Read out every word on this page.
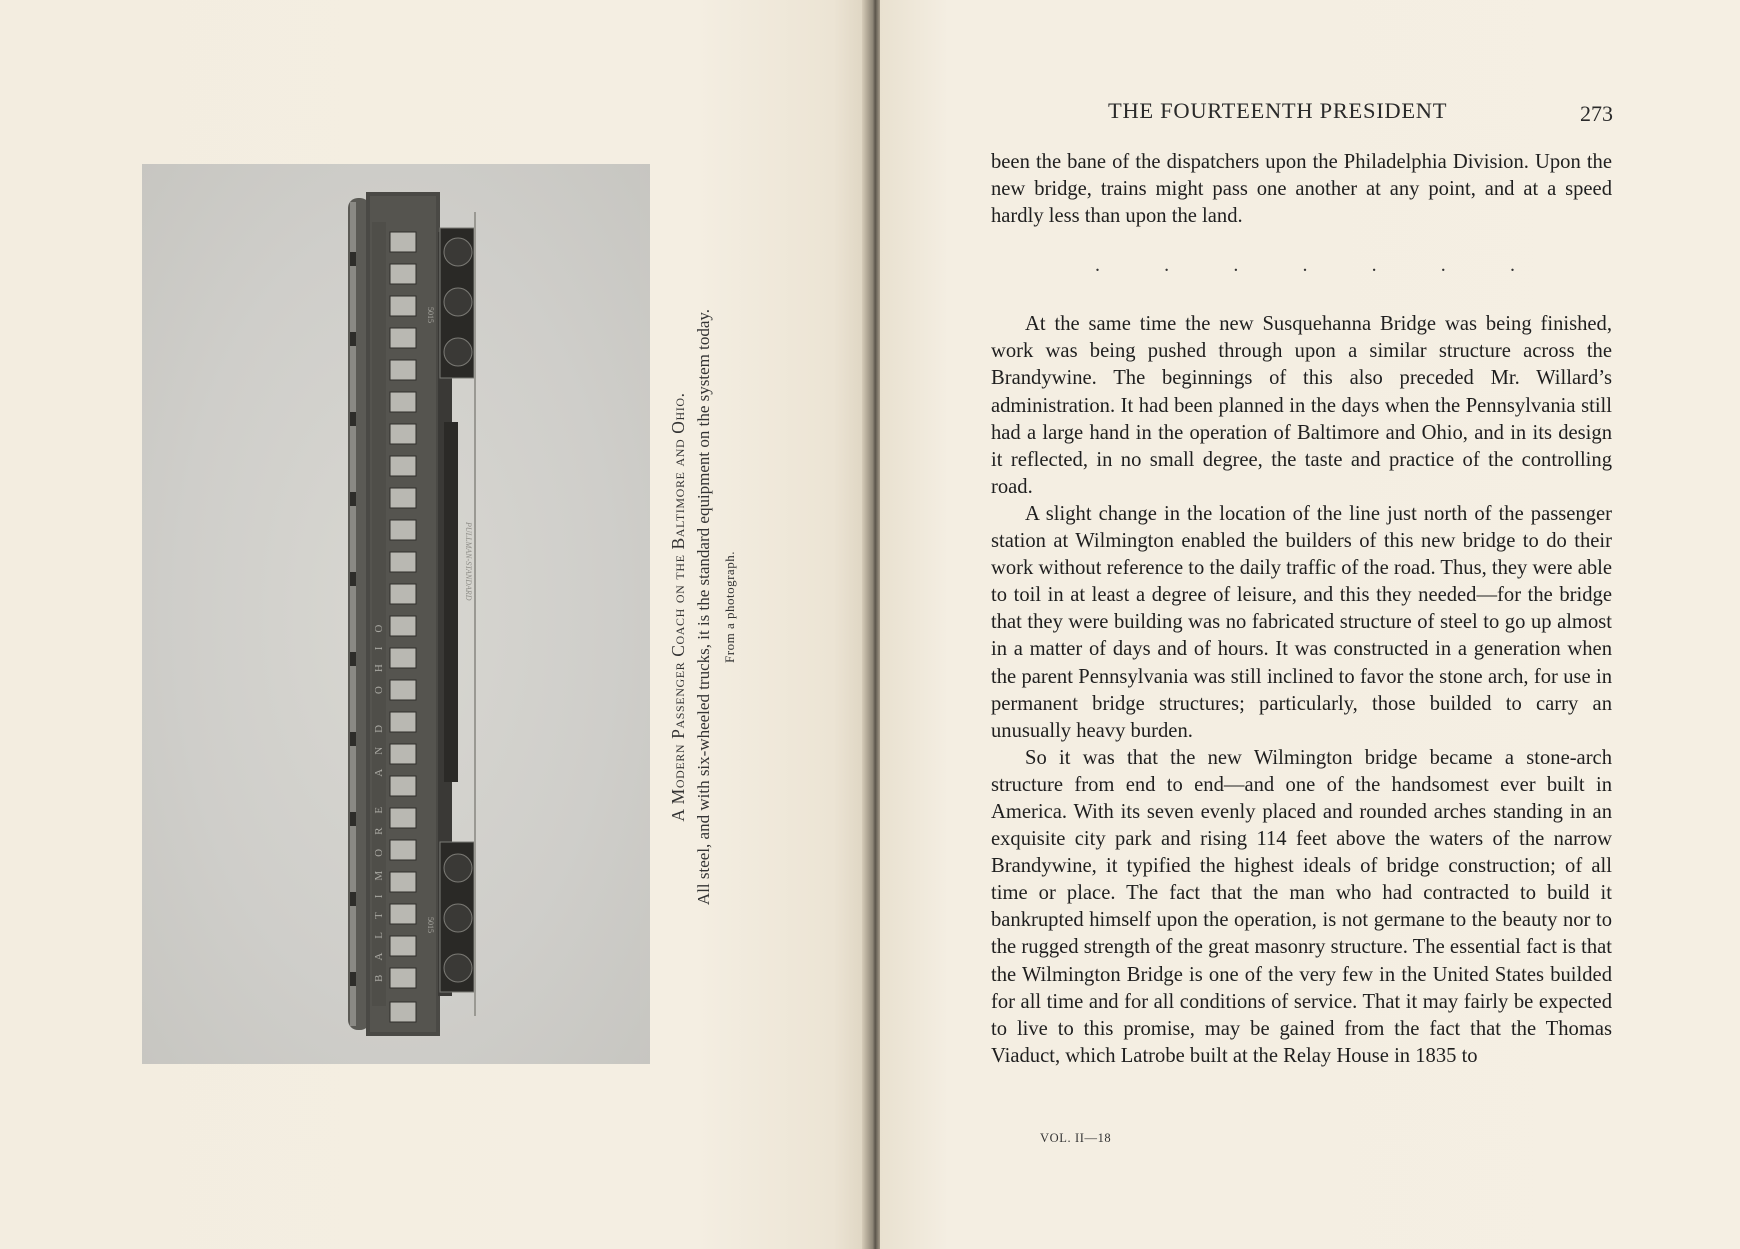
BALTIMORE AND OHIO
5015
5015
PULLMAN-STANDARD	A Modern Passenger Coach on the Baltimore and Ohio. All steel, and with six-wheeled trucks, it is the standard equipment on the system today. From a photograph.
THE FOURTEENTH PRESIDENT	273

been the bane of the dispatchers upon the Philadelphia Division. Upon the new bridge, trains might pass one another at any point, and at a speed hardly less than upon the land.

.	.	.	.	.	.	.

At the same time the new Susquehanna Bridge was being finished, work was being pushed through upon a similar structure across the Brandywine. The beginnings of this also preceded Mr. Willard’s administration. It had been planned in the days when the Pennsylvania still had a large hand in the operation of Baltimore and Ohio, and in its design it reflected, in no small degree, the taste and practice of the controlling road.

A slight change in the location of the line just north of the passenger station at Wilmington enabled the builders of this new bridge to do their work without reference to the daily traffic of the road. Thus, they were able to toil in at least a degree of leisure, and this they needed—for the bridge that they were building was no fabricated structure of steel to go up almost in a matter of days and of hours. It was constructed in a generation when the parent Pennsylvania was still inclined to favor the stone arch, for use in permanent bridge structures; particularly, those builded to carry an unusually heavy burden.

So it was that the new Wilmington bridge became a stone-arch structure from end to end—and one of the handsomest ever built in America. With its seven evenly placed and rounded arches standing in an exquisite city park and rising 114 feet above the waters of the narrow Brandywine, it typified the highest ideals of bridge construction; of all time or place. The fact that the man who had contracted to build it bankrupted himself upon the operation, is not germane to the beauty nor to the rugged strength of the great masonry structure. The essential fact is that the Wilmington Bridge is one of the very few in the United States builded for all time and for all conditions of service. That it may fairly be expected to live to this promise, may be gained from the fact that the Thomas Viaduct, which Latrobe built at the Relay House in 1835 to

VOL. II—18
